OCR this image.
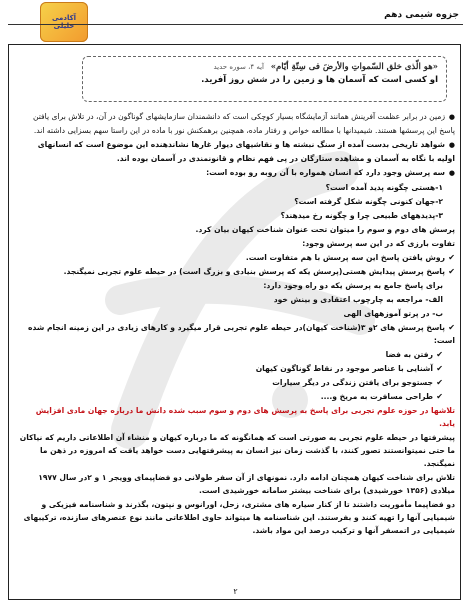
جزوه شیمی دهم
آکادمی
خلیلی
«هو الّذی خلق السّمواتِ والأرضَ فی سِتّةِ أیّام» آیه ۴، سوره حدید
او کسی است که آسمان ها و زمین را در شش روز آفرید.

●زمین در برابر عظمت آفرینش همانند آزمایشگاه بسیار کوچکی است که دانشمندان سازمایشهای گوناگون در آن، در تلاش برای یافتن پاسخ این پرسشها هستند. شیمیدانها با مطالعه خواص و رفتار ماده، همچنین برهمکنش نور با ماده در این راستا سهم بسزایی داشته اند.

●شواهد تاریخی بدست آمده از سنگ نبشته ها و نقاشیهای دیوار غارها نشاندهنده این موضوع است که انسانهای اولیه با نگاه به آسمان و مشاهده ستارگان در پی فهم نظام و قانونمندی در آسمان بوده اند.

●سه پرسش وجود دارد که انسان همواره با آن روبه رو بوده است:

۱-هستی چگونه پدید آمده است؟

۲-جهان کنونی چگونه شکل گرفته است؟

۳-پدیدههای طبیعی چرا و چگونه رخ میدهند؟

پرسش های دوم و سوم را میتوان تحت عنوان شناخت کیهان بیان کرد.

تفاوت بارزی که در این سه پرسش وجود:

✔روش یافتن پاسخ این سه پرسش با هم متفاوت است.

✔پاسخ پرسش پیدایش هستی(پرسش یکه که پرسش بنیادی و بزرگ است) در حیطه علوم تجربی نمیگنجد.

برای پاسخ جامع به پرسش یکه دو راه وجود دارد:

الف- مراجعه به چارچوب اعتقادی و بینش خود

ب- در پرتو آموزههای الهی

✔پاسخ پرسش های ۲و ۳(شناخت کیهان)در حیطه علوم تجربی قرار میگیرد و کارهای زیادی در این زمینه انجام شده است:

✔رفتن به فضا

✔آشنایی با عناصر موجود در نقاط گوناگون کیهان

✔جستوجو برای یافتن زندگی در دیگر سیارات

✔طراحی مسافرت به مریخ و....

تلاشها در حوزه علوم تجربی برای پاسخ به پرسش های دوم و سوم سبب شده دانش ما درباره جهان مادی افزایش یابد.

پیشرفتها در حیطه علوم تجربی به صورتی است که همانگونه که ما درباره کیهان و منشاء آن اطلاعاتی داریم که نیاکان ما حتی نمیتوانستند تصور کنند، با گذشت زمان نیز انسان به پیشرفتهایی دست خواهد یافت که امروزه در ذهن ما نمیگنجد.

تلاش برای شناخت کیهان همچنان ادامه دارد. نمونهای از آن سفر طولانی دو فضاپیمای وویجر ۱ و ۲در سال ۱۹۷۷ میلادی (۱۳۵۶ خورشیدی) برای شناخت بیشتر سامانه خورشیدی است.

دو فضاپیما مأموریت داشتند تا از کنار سیاره های مشتری، زحل، اورانوس و نپتون، بگذرند و شناسنامه فیزیکی و شیمیایی آنها را تهیه کنند و بفرستند. این شناسنامه ها میتواند حاوی اطلاعاتی مانند نوع عنصرهای سازنده، ترکیبهای شیمیایی در اتمسفر آنها و ترکیب درصد این مواد باشد.

۲
